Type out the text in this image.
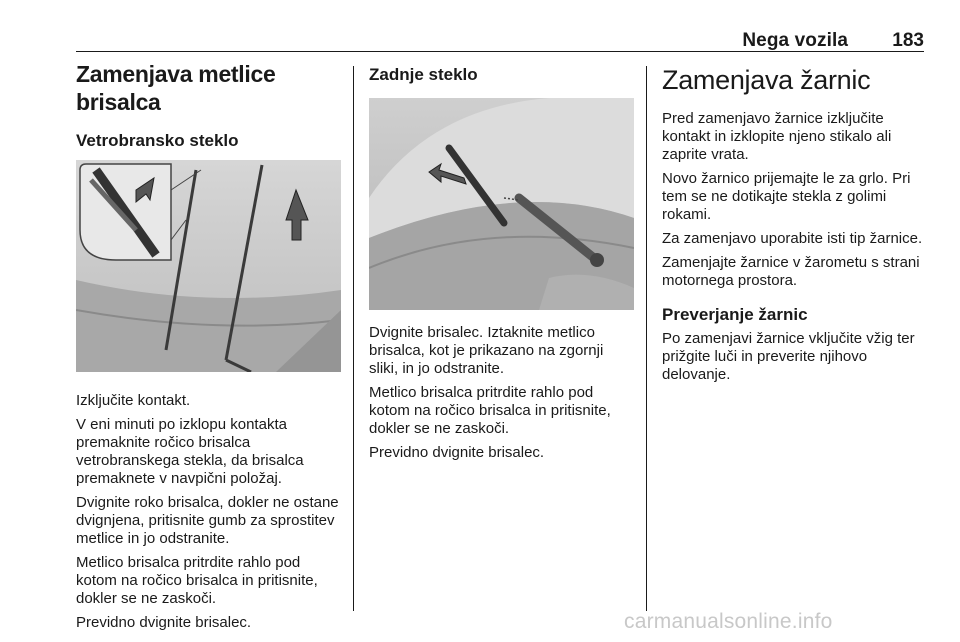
Nega vozila 183
Zamenjava metlice brisalca
Vetrobransko steklo

Izključite kontakt.

V eni minuti po izklopu kontakta premaknite ročico brisalca vetrobranskega stekla, da brisalca premaknete v navpični položaj.

Dvignite roko brisalca, dokler ne ostane dvignjena, pritisnite gumb za sprostitev metlice in jo odstranite.

Metlico brisalca pritrdite rahlo pod kotom na ročico brisalca in pritisnite, dokler se ne zaskoči.

Previdno dvignite brisalec.

Zadnje steklo

Dvignite brisalec. Iztaknite metlico brisalca, kot je prikazano na zgornji sliki, in jo odstranite.

Metlico brisalca pritrdite rahlo pod kotom na ročico brisalca in pritisnite, dokler se ne zaskoči.

Previdno dvignite brisalec.

Zamenjava žarnic

Pred zamenjavo žarnice izključite kontakt in izklopite njeno stikalo ali zaprite vrata.

Novo žarnico prijemajte le za grlo. Pri tem se ne dotikajte stekla z golimi rokami.

Za zamenjavo uporabite isti tip žarnice.

Zamenjajte žarnice v žarometu s strani motornega prostora.

Preverjanje žarnic

Po zamenjavi žarnice vključite vžig ter prižgite luči in preverite njihovo delovanje.

carmanualsonline.info
